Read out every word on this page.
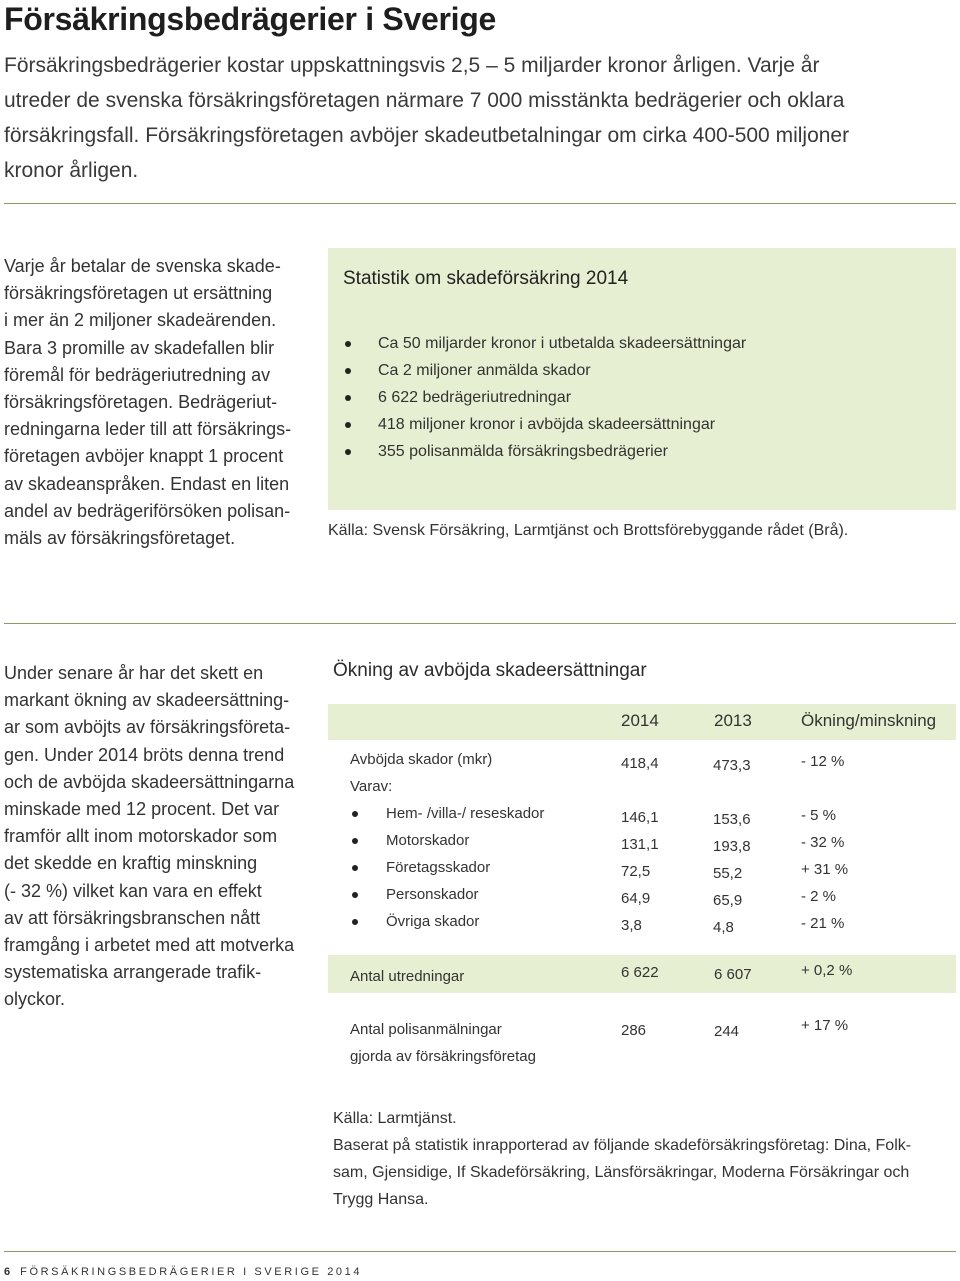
Försäkringsbedrägerier i Sverige
Försäkringsbedrägerier kostar uppskattningsvis 2,5 – 5 miljarder kronor årligen. Varje år
utreder de svenska försäkringsföretagen närmare 7 000 misstänkta bedrägerier och oklara
försäkringsfall. Försäkringsföretagen avböjer skadeutbetalningar om cirka 400-500 miljoner
kronor årligen.
Varje år betalar de svenska skade-
försäkringsföretagen ut ersättning
i mer än 2 miljoner skadeärenden.
Bara 3 promille av skadefallen blir
föremål för bedrägeriutredning av
försäkringsföretagen. Bedrägeriut-
redningarna leder till att försäkrings-
företagen avböjer knappt 1 procent
av skadeanspråken. Endast en liten
andel av bedrägeriförsöken polisan-
mäls av försäkringsföretaget.
Statistik om skadeförsäkring 2014
Ca 50 miljarder kronor i utbetalda skadeersättningar
Ca 2 miljoner anmälda skador
6 622 bedrägeriutredningar
418 miljoner kronor i avböjda skadeersättningar
355 polisanmälda försäkringsbedrägerier
Källa: Svensk Försäkring, Larmtjänst och Brottsförebyggande rådet (Brå).
Under senare år har det skett en
markant ökning av skadeersättning-
ar som avböjts av försäkringsföreta-
gen. Under 2014 bröts denna trend
och de avböjda skadeersättningarna
minskade med 12 procent. Det var
framför allt inom motorskador som
det skedde en kraftig minskning
(- 32 %) vilket kan vara en effekt
av att försäkringsbranschen nått
framgång i arbetet med att motverka
systematiska arrangerade trafik-
olyckor.
Ökning av avböjda skadeersättningar
2014	2013	Ökning/minskning
Avböjda skador (mkr)	418,4	473,3	- 12 %
Varav:
Hem- /villa-/ reseskador	146,1	153,6	- 5 %
Motorskador	131,1	193,8	- 32 %
Företagsskador	72,5	55,2	+ 31 %
Personskador	64,9	65,9	- 2 %
Övriga skador	3,8	4,8	- 21 %
Antal utredningar	6 622	6 607	+ 0,2 %
Antal polisanmälningar
gjorda av försäkringsföretag
286	244	+ 17 %
Källa: Larmtjänst.
Baserat på statistik inrapporterad av följande skadeförsäkringsföretag: Dina, Folk-
sam, Gjensidige, If Skadeförsäkring, Länsförsäkringar, Moderna Försäkringar och
Trygg Hansa.
6 FÖRSÄKRINGSBEDRÄGERIER I SVERIGE 2014
